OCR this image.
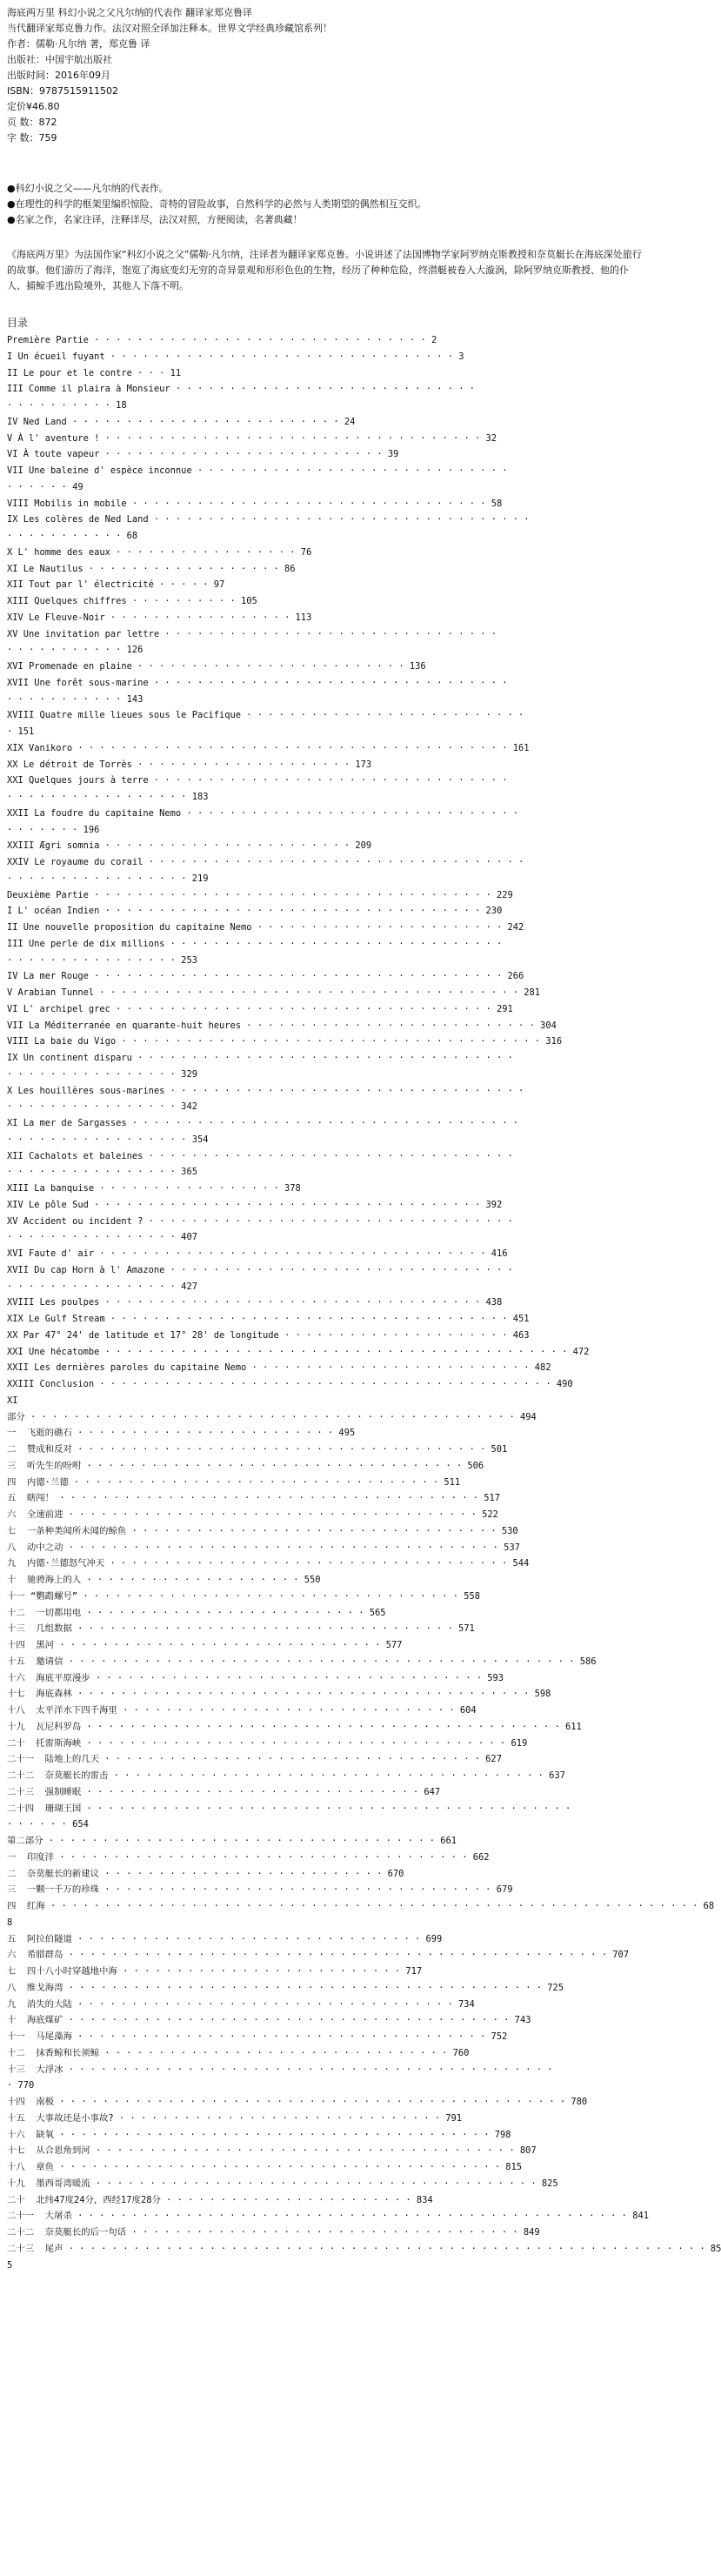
海底两万里 科幻小说之父凡尔纳的代表作 翻译家郑克鲁译
当代翻译家郑克鲁力作。法汉对照全译加注释本。世界文学经典珍藏馆系列！
作者：儒勒·凡尔纳 著，郑克鲁 译
出版社：中国宇航出版社
出版时间：2016年09月
ISBN：9787515911502
定价¥46.80
页 数：872
字 数：759
●科幻小说之父——凡尔纳的代表作。
●在理性的科学的框架里编织惊险、奇特的冒险故事，自然科学的必然与人类期望的偶然相互交织。
●名家之作，名家注译，注释详尽，法汉对照，方便阅读，名著典藏！
《海底两万里》为法国作家“科幻小说之父”儒勒·凡尔纳，注译者为翻译家郑克鲁。小说讲述了法国博物学家阿罗纳克斯教授和奈莫艇长在海底深处旅行的故事。他们游历了海洋，饱览了海底变幻无穷的奇异景观和形形色色的生物，经历了种种危险，终潜艇被卷入大漩涡，除阿罗纳克斯教授、他的仆人、捕鲸手逃出险境外，其他人下落不明。
目录
Première Partie · · · · · · · · · · · · · · · · · · · · · · · · · · · · · · · 2
I Un écueil fuyant · · · · · · · · · · · · · · · · · · · · · · · · · · · · · · · · 3
II Le pour et le contre · · · 11
III Comme il plaira à Monsieur · · · · · · · · · · · · · · · · · · · · · · · · · · · ·
· · · · · · · · · · 18
IV Ned Land · · · · · · · · · · · · · · · · · · · · · · · · · 24
V À l' aventure ! · · · · · · · · · · · · · · · · · · · · · · · · · · · · · · · · · · · 32
VI À toute vapeur · · · · · · · · · · · · · · · · · · · · · · · · · · 39
VII Une baleine d' espèce inconnue · · · · · · · · · · · · · · · · · · · · · · · · · · · · ·
· · · · · · 49
VIII Mobilis in mobile · · · · · · · · · · · · · · · · · · · · · · · · · · · · · · · · · 58
IX Les colères de Ned Land · · · · · · · · · · · · · · · · · · · · · · · · · · · · · · · · · · ·
· · · · · · · · · · · 68
X L' homme des eaux · · · · · · · · · · · · · · · · · 76
XI Le Nautilus · · · · · · · · · · · · · · · · · · 86
XII Tout par l' électricité · · · · · 97
XIII Quelques chiffres · · · · · · · · · · 105
XIV Le Fleuve-Noir · · · · · · · · · · · · · · · · · 113
XV Une invitation par lettre · · · · · · · · · · · · · · · · · · · · · · · · · · · · · · ·
· · · · · · · · · · · 126
XVI Promenade en plaine · · · · · · · · · · · · · · · · · · · · · · · · · 136
XVII Une forêt sous-marine · · · · · · · · · · · · · · · · · · · · · · · · · · · · · · · · ·
· · · · · · · · · · · 143
XVIII Quatre mille lieues sous le Pacifique · · · · · · · · · · · · · · · · · · · · · · · · · ·
· 151
XIX Vanikoro · · · · · · · · · · · · · · · · · · · · · · · · · · · · · · · · · · · · · · · · 161
XX Le détroit de Torrès · · · · · · · · · · · · · · · · · · · · 173
XXI Quelques jours à terre · · · · · · · · · · · · · · · · · · · · · · · · · · · · · · · · ·
· · · · · · · · · · · · · · · · · 183
XXII La foudre du capitaine Nemo · · · · · · · · · · · · · · · · · · · · · · · · · · · · · · ·
· · · · · · · 196
XXIII Ægri somnia · · · · · · · · · · · · · · · · · · · · · · · 209
XXIV Le royaume du corail · · · · · · · · · · · · · · · · · · · · · · · · · · · · · · · · · · ·
· · · · · · · · · · · · · · · · · 219
Deuxième Partie · · · · · · · · · · · · · · · · · · · · · · · · · · · · · · · · · · · · · 229
I L' océan Indien · · · · · · · · · · · · · · · · · · · · · · · · · · · · · · · · · · · 230
II Une nouvelle proposition du capitaine Nemo · · · · · · · · · · · · · · · · · · · · · · · 242
III Une perle de dix millions · · · · · · · · · · · · · · · · · · · · · · · · · · · · · · ·
· · · · · · · · · · · · · · · · 253
IV La mer Rouge · · · · · · · · · · · · · · · · · · · · · · · · · · · · · · · · · · · · · · 266
V Arabian Tunnel · · · · · · · · · · · · · · · · · · · · · · · · · · · · · · · · · · · · · · · 281
VI L' archipel grec · · · · · · · · · · · · · · · · · · · · · · · · · · · · · · · · · · · 291
VII La Méditerranée en quarante-huit heures · · · · · · · · · · · · · · · · · · · · · · · · · · · 304
VIII La baie du Vigo · · · · · · · · · · · · · · · · · · · · · · · · · · · · · · · · · · · · · · · 316
IX Un continent disparu · · · · · · · · · · · · · · · · · · · · · · · · · · · · · · · · · · ·
· · · · · · · · · · · · · · · · 329
X Les houillères sous-marines · · · · · · · · · · · · · · · · · · · · · · · · · · · · · · · · ·
· · · · · · · · · · · · · · · · 342
XI La mer de Sargasses · · · · · · · · · · · · · · · · · · · · · · · · · · · · · · · · · · · ·
· · · · · · · · · · · · · · · · · 354
XII Cachalots et baleines · · · · · · · · · · · · · · · · · · · · · · · · · · · · · · · · · ·
· · · · · · · · · · · · · · · · 365
XIII La banquise · · · · · · · · · · · · · · · · · 378
XIV Le pôle Sud · · · · · · · · · · · · · · · · · · · · · · · · · · · · · · · · · · · · 392
XV Accident ou incident ? · · · · · · · · · · · · · · · · · · · · · · · · · · · · · · · · · ·
· · · · · · · · · · · · · · · · 407
XVI Faute d' air · · · · · · · · · · · · · · · · · · · · · · · · · · · · · · · · · · · · 416
XVII Du cap Horn à l' Amazone · · · · · · · · · · · · · · · · · · · · · · · · · · · · · · · ·
· · · · · · · · · · · · · · · · 427
XVIII Les poulpes · · · · · · · · · · · · · · · · · · · · · · · · · · · · · · · · · · · 438
XIX Le Gulf Stream · · · · · · · · · · · · · · · · · · · · · · · · · · · · · · · · · · · · · 451
XX Par 47° 24' de latitude et 17° 28' de longitude · · · · · · · · · · · · · · · · · · · · · 463
XXI Une hécatombe · · · · · · · · · · · · · · · · · · · · · · · · · · · · · · · · · · · · · · · · · · · 472
XXII Les dernières paroles du capitaine Nemo · · · · · · · · · · · · · · · · · · · · · · · · · · 482
XXIII Conclusion · · · · · · · · · · · · · · · · · · · · · · · · · · · · · · · · · · · · · · · · · · 490
XI
部分 · · · · · · · · · · · · · · · · · · · · · · · · · · · · · · · · · · · · · · · · · · · · · 494
一  飞逝的礁石 · · · · · · · · · · · · · · · · · · · · · · · · 495
二  赞成和反对 · · · · · · · · · · · · · · · · · · · · · · · · · · · · · · · · · · · · · · 501
三  听先生的吩咐 · · · · · · · · · · · · · · · · · · · · · · · · · · · · · · · · · · · 506
四  内德·兰德 · · · · · · · · · · · · · · · · · · · · · · · · · · · · · · · · · · 511
五  瞎闯！ · · · · · · · · · · · · · · · · · · · · · · · · · · · · · · · · · · · · · · · 517
六  全速前进 · · · · · · · · · · · · · · · · · · · · · · · · · · · · · · · · · · · · · · 522
七  一条种类闻所未闻的鲸鱼 · · · · · · · · · · · · · · · · · · · · · · · · · · · · · · · · · · 530
八  动中之动 · · · · · · · · · · · · · · · · · · · · · · · · · · · · · · · · · · · · · · · · 537
九  内德·兰德怒气冲天 · · · · · · · · · · · · · · · · · · · · · · · · · · · · · · · · · · · · · 544
十  驰骋海上的人 · · · · · · · · · · · · · · · · · · · · 550
十一 “鹦鹉螺号” · · · · · · · · · · · · · · · · · · · · · · · · · · · · · · · · · · · 558
十二  一切都用电 · · · · · · · · · · · · · · · · · · · · · · · · · · 565
十三  几组数据 · · · · · · · · · · · · · · · · · · · · · · · · · · · · · · · · · · · 571
十四  黑河 · · · · · · · · · · · · · · · · · · · · · · · · · · · · · · 577
十五  邀请信 · · · · · · · · · · · · · · · · · · · · · · · · · · · · · · · · · · · · · · · · · · · · · · · 586
十六  海底平原漫步 · · · · · · · · · · · · · · · · · · · · · · · · · · · · · · · · · · · · 593
十七  海底森林 · · · · · · · · · · · · · · · · · · · · · · · · · · · · · · · · · · · · · · · · · · 598
十八  太平洋水下四千海里 · · · · · · · · · · · · · · · · · · · · · · · · · · · · · · · 604
十九  瓦尼科罗岛 · · · · · · · · · · · · · · · · · · · · · · · · · · · · · · · · · · · · · · · · · · · · 611
二十  托雷斯海峡 · · · · · · · · · · · · · · · · · · · · · · · · · · · · · · · · · · · · · · · 619
二十一  陆地上的几天 · · · · · · · · · · · · · · · · · · · · · · · · · · · · · · · · · · · 627
二十二  奈莫艇长的雷击 · · · · · · · · · · · · · · · · · · · · · · · · · · · · · · · · · · · · · · · · 637
二十三  强制睡眠 · · · · · · · · · · · · · · · · · · · · · · · · · · · · · · · 647
二十四  珊瑚王国 · · · · · · · · · · · · · · · · · · · · · · · · · · · · · · · · · · · · · · · · · · · · ·
· · · · · · 654
第二部分 · · · · · · · · · · · · · · · · · · · · · · · · · · · · · · · · · · · · 661
一  印度洋 · · · · · · · · · · · · · · · · · · · · · · · · · · · · · · · · · · · · · · 662
二  奈莫艇长的新建议 · · · · · · · · · · · · · · · · · · · · · · · · · · 670
三  一颗一千万的珍珠 · · · · · · · · · · · · · · · · · · · · · · · · · · · · · · · · · · · · 679
四  红海 · · · · · · · · · · · · · · · · · · · · · · · · · · · · · · · · · · · · · · · · · · · · · · · · · · · · · · · · · · · · 68
8
五  阿拉伯隧道 · · · · · · · · · · · · · · · · · · · · · · · · · · · · · · · · 699
六  希腊群岛 · · · · · · · · · · · · · · · · · · · · · · · · · · · · · · · · · · · · · · · · · · · · · · · · · · 707
七  四十八小时穿越地中海 · · · · · · · · · · · · · · · · · · · · · · · · · · 717
八  维戈海湾 · · · · · · · · · · · · · · · · · · · · · · · · · · · · · · · · · · · · · · · · · · · · 725
九  消失的大陆 · · · · · · · · · · · · · · · · · · · · · · · · · · · · · · · · · · · 734
十  海底煤矿 · · · · · · · · · · · · · · · · · · · · · · · · · · · · · · · · · · · · · · · · · 743
十一  马尾藻海 · · · · · · · · · · · · · · · · · · · · · · · · · · · · · · · · · · · · · · 752
十二  抹香鲸和长须鲸 · · · · · · · · · · · · · · · · · · · · · · · · · · · · · · · · 760
十三  大浮冰 · · · · · · · · · · · · · · · · · · · · · · · · · · · · · · · · · · · · · · · · · · · · ·
· 770
十四  南极 · · · · · · · · · · · · · · · · · · · · · · · · · · · · · · · · · · · · · · · · · · · · · · · 780
十五  大事故还是小事故? · · · · · · · · · · · · · · · · · · · · · · · · · · · · · · 791
十六  缺氧 · · · · · · · · · · · · · · · · · · · · · · · · · · · · · · · · · · · · · · · · 798
十七  从合恩角到河 · · · · · · · · · · · · · · · · · · · · · · · · · · · · · · · · · · · · · · · 807
十八  章鱼 · · · · · · · · · · · · · · · · · · · · · · · · · · · · · · · · · · · · · · · · · 815
十九  墨西哥湾暖流 · · · · · · · · · · · · · · · · · · · · · · · · · · · · · · · · · · · · · · · · · 825
二十  北纬47度24分，西经17度28分 · · · · · · · · · · · · · · · · · · · · · · · 834
二十一  大屠杀 · · · · · · · · · · · · · · · · · · · · · · · · · · · · · · · · · · · · · · · · · · · · · · · · · · · 841
二十二  奈莫艇长的后一句话 · · · · · · · · · · · · · · · · · · · · · · · · · · · · · · · · · · · · 849
二十三  尾声 · · · · · · · · · · · · · · · · · · · · · · · · · · · · · · · · · · · · · · · · · · · · · · · · · · · · · · · · · · · 85
5
